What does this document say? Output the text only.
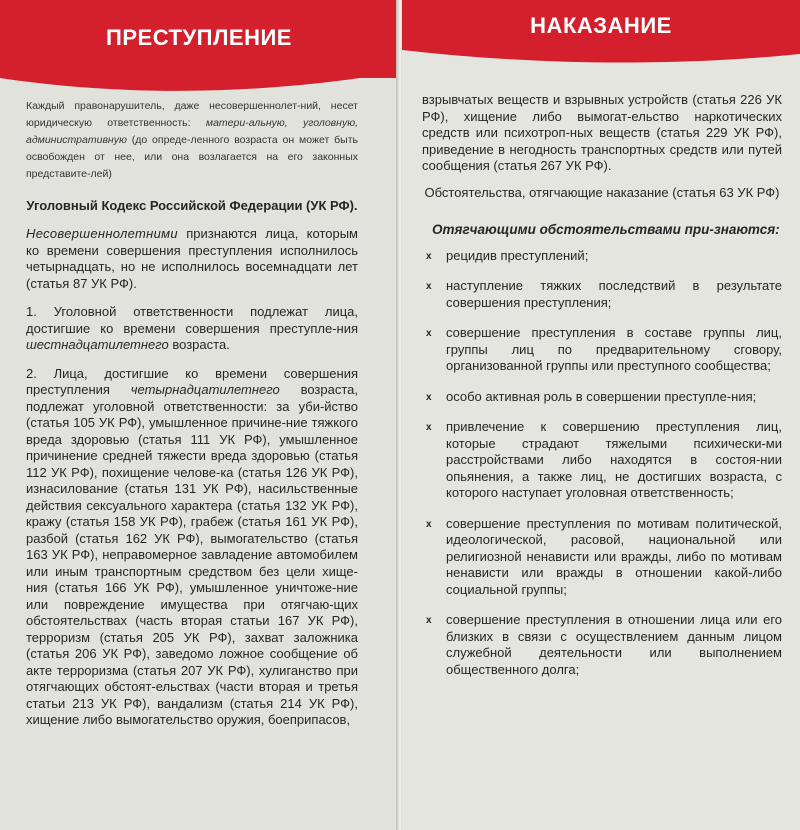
ПРЕСТУПЛЕНИЕ

Каждый правонарушитель, даже несовершеннолет-ний, несет юридическую ответственность: матери-альную, уголовную, административную (до опреде-ленного возраста он может быть освобожден от нее, или она возлагается на его законных представите-лей)

Уголовный Кодекс Российской Федерации (УК РФ).

Несовершеннолетними признаются лица, которым ко времени совершения преступления исполнилось четырнадцать, но не исполнилось восемнадцати лет (статья 87 УК РФ).

1. Уголовной ответственности подлежат лица, достигшие ко времени совершения преступле-ния шестнадцатилетнего возраста.

2. Лица, достигшие ко времени совершения преступления четырнадцатилетнего возраста, подлежат уголовной ответственности: за уби-йство (статья 105 УК РФ), умышленное причине-ние тяжкого вреда здоровью (статья 111 УК РФ), умышленное причинение средней тяжести вреда здоровью (статья 112 УК РФ), похищение челове-ка (статья 126 УК РФ), изнасилование (статья 131 УК РФ), насильственные действия сексуального характера (статья 132 УК РФ), кражу (статья 158 УК РФ), грабеж (статья 161 УК РФ), разбой (статья 162 УК РФ), вымогательство (статья 163 УК РФ), неправомерное завладение автомобилем или иным транспортным средством без цели хище-ния (статья 166 УК РФ), умышленное уничтоже-ние или повреждение имущества при отягчаю-щих обстоятельствах (часть вторая статьи 167 УК РФ), терроризм (статья 205 УК РФ), захват заложника (статья 206 УК РФ), заведомо ложное сообщение об акте терроризма (статья 207 УК РФ), хулиганство при отягчающих обстоят-ельствах (части вторая и третья статьи 213 УК РФ), вандализм (статья 214 УК РФ), хищение либо вымогательство оружия, боеприпасов,

НАКАЗАНИЕ

взрывчатых веществ и взрывных устройств (статья 226 УК РФ), хищение либо вымогат-ельство наркотических средств или психотроп-ных веществ (статья 229 УК РФ), приведение в негодность транспортных средств или путей сообщения (статья 267 УК РФ).

Обстоятельства, отягчающие наказание (статья 63 УК РФ)

Отягчающими обстоятельствами при-знаются:

x рецидив преступлений;
x наступление тяжких последствий в результате совершения преступления;
x совершение преступления в составе группы лиц, группы лиц по предварительному сговору, организованной группы или преступного сообщества;
x особо активная роль в совершении преступле-ния;
x привлечение к совершению преступления лиц, которые страдают тяжелыми психически-ми расстройствами либо находятся в состоя-нии опьянения, а также лиц, не достигших возраста, с которого наступает уголовная ответственность;
x совершение преступления по мотивам политической, идеологической, расовой, национальной или религиозной ненависти или вражды, либо по мотивам ненависти или вражды в отношении какой-либо социальной группы;
x совершение преступления в отношении лица или его близких в связи с осуществлением данным лицом служебной деятельности или выполнением общественного долга;
